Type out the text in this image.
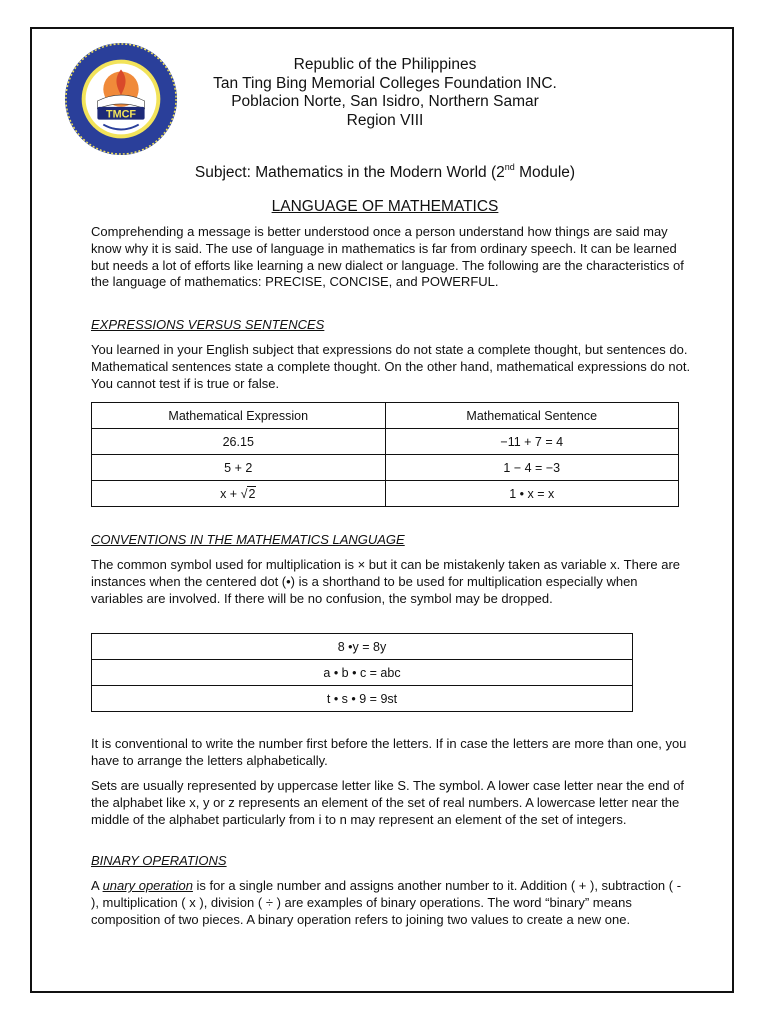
TMCF
Republic of the Philippines
Tan Ting Bing Memorial Colleges Foundation INC.
Poblacion Norte, San Isidro, Northern Samar
Region VIII
Subject: Mathematics in the Modern World (2nd Module)
LANGUAGE OF MATHEMATICS
Comprehending a message is better understood once a person understand how things are said may know why it is said. The use of language in mathematics is far from ordinary speech. It can be learned but needs a lot of efforts like learning a new dialect or language. The following are the characteristics of the language of mathematics: PRECISE, CONCISE, and POWERFUL.
EXPRESSIONS VERSUS SENTENCES
You learned in your English subject that expressions do not state a complete thought, but sentences do. Mathematical sentences state a complete thought. On the other hand, mathematical expressions do not. You cannot test if is true or false.
Mathematical Expression	Mathematical Sentence
26.15	−11 + 7 = 4
5 + 2	1 − 4 = −3
x + √2	1 • x = x
CONVENTIONS IN THE MATHEMATICS LANGUAGE
The common symbol used for multiplication is × but it can be mistakenly taken as variable x. There are instances when the centered dot (•) is a shorthand to be used for multiplication especially when variables are involved. If there will be no confusion, the symbol may be dropped.
8 •y = 8y
a • b • c = abc
t • s • 9 = 9st
It is conventional to write the number first before the letters. If in case the letters are more than one, you have to arrange the letters alphabetically.
Sets are usually represented by uppercase letter like S. The symbol. A lower case letter near the end of the alphabet like x, y or z represents an element of the set of real numbers. A lowercase letter near the middle of the alphabet particularly from i to n may represent an element of the set of integers.
BINARY OPERATIONS
A unary operation is for a single number and assigns another number to it. Addition ( + ), subtraction ( - ), multiplication ( x ), division ( ÷ ) are examples of binary operations. The word “binary” means composition of two pieces. A binary operation refers to joining two values to create a new one.
